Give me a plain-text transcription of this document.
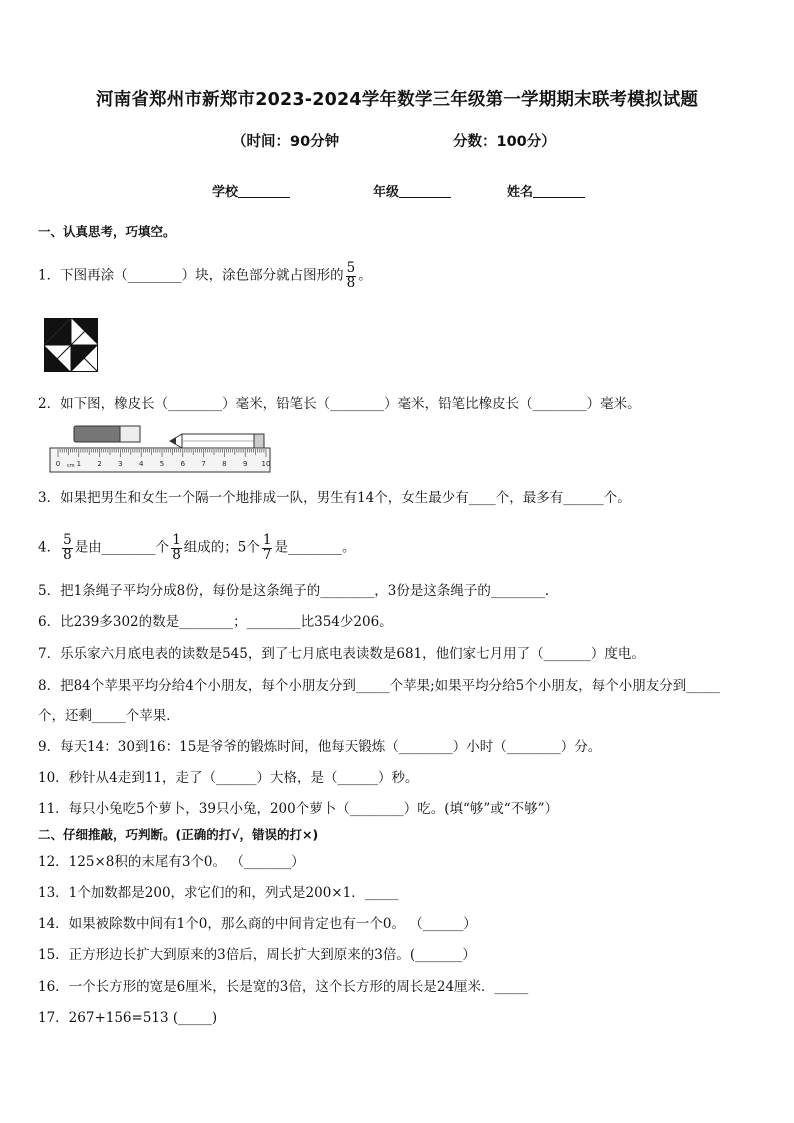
河南省郑州市新郑市2023-2024学年数学三年级第一学期期末联考模拟试题
（时间：90分钟	分数：100分）
学校	年级	姓名
一、认真思考，巧填空。
1．下图再涂（________）块，涂色部分就占图形的 $\frac{5}{8}$ 。
2．如下图，橡皮长（________）毫米，铅笔长（________）毫米，铅笔比橡皮长（________）毫米。
0 1 2 3 4 5 6 7 8 9 10
cm
3．如果把男生和女生一个隔一个地排成一队，男生有14个，女生最少有____个，最多有______个。
4． $\frac{5}{8}$ 是由________个 $\frac{1}{8}$ 组成的；5个 $\frac{1}{7}$ 是________。
5．把1条绳子平均分成8份，每份是这条绳子的________，3份是这条绳子的________．
6．比239多302的数是________；________比354少206。
7．乐乐家六月底电表的读数是545，到了七月底电表读数是681，他们家七月用了（_______）度电。
8．把84个苹果平均分给4个小朋友，每个小朋友分到_____个苹果;如果平均分给5个小朋友，每个小朋友分到_____
个，还剩_____个苹果．
9．每天14：30到16：15是爷爷的锻炼时间，他每天锻炼（________）小时（________）分。
10．秒针从4走到11，走了（______）大格，是（______）秒。
11．每只小兔吃5个萝卜，39只小兔，200个萝卜（________）吃。(填“够”或“不够”）
二、仔细推敲，巧判断。(正确的打√，错误的打×)
12．125×8积的末尾有3个0。 （_______）
13．1个加数都是200，求它们的和，列式是200×1．_____
14．如果被除数中间有1个0，那么商的中间肯定也有一个0。 （______）
15．正方形边长扩大到原来的3倍后，周长扩大到原来的3倍。(_______）
16．一个长方形的宽是6厘米，长是宽的3倍，这个长方形的周长是24厘米．_____
17．267+156=513 (_____)
